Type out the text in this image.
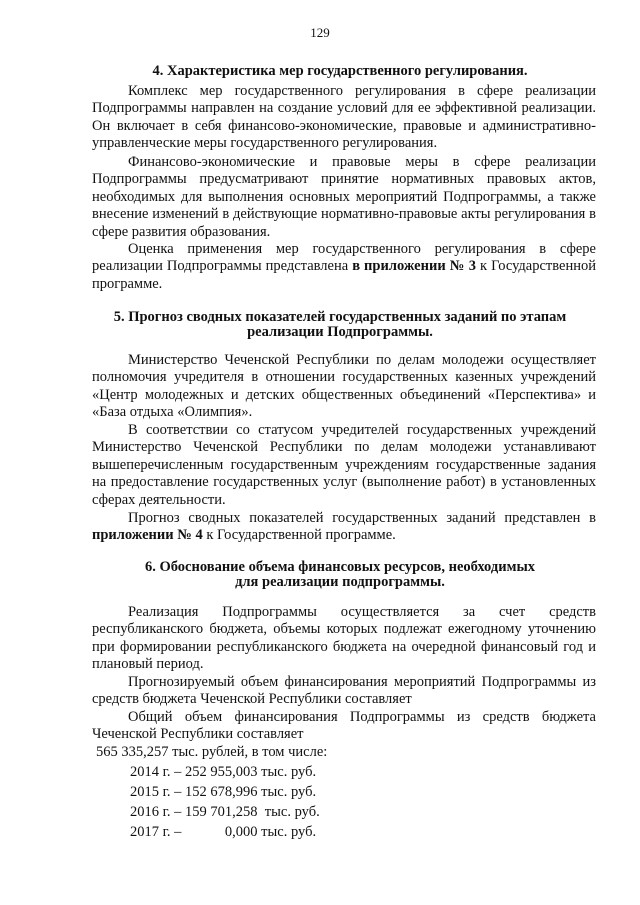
129
4. Характеристика мер государственного регулирования.
Комплекс мер государственного регулирования в сфере реализации Подпрограммы направлен на создание условий для ее эффективной реализации. Он включает в себя финансово-экономические, правовые и административно-управленческие меры государственного регулирования.
Финансово-экономические и правовые меры в сфере реализации Подпрограммы предусматривают принятие нормативных правовых актов, необходимых для выполнения основных мероприятий Подпрограммы, а также внесение изменений в действующие нормативно-правовые акты регулирования в сфере развития образования.
Оценка применения мер государственного регулирования в сфере реализации Подпрограммы представлена в приложении № 3 к Государственной программе.
5. Прогноз сводных показателей государственных заданий по этапам
реализации Подпрограммы.
Министерство Чеченской Республики по делам молодежи осуществляет полномочия учредителя в отношении государственных казенных учреждений «Центр молодежных и детских общественных объединений «Перспектива» и «База отдыха «Олимпия».
В соответствии со статусом учредителей государственных учреждений Министерство Чеченской Республики по делам молодежи устанавливают вышеперечисленным государственным учреждениям государственные задания на предоставление государственных услуг (выполнение работ) в установленных сферах деятельности.
Прогноз сводных показателей государственных заданий представлен в приложении № 4 к Государственной программе.
6. Обоснование объема финансовых ресурсов, необходимых
для реализации подпрограммы.
Реализация Подпрограммы осуществляется за счет средств республиканского бюджета, объемы которых подлежат ежегодному уточнению при формировании республиканского бюджета на очередной финансовый год и плановый период.
Прогнозируемый объем финансирования мероприятий Подпрограммы из средств бюджета Чеченской Республики составляет
Общий объем финансирования Подпрограммы из средств бюджета Чеченской Республики составляет
565 335,257 тыс. рублей, в том числе:
2014 г. – 252 955,003 тыс. руб.
2015 г. – 152 678,996 тыс. руб.
2016 г. – 159 701,258  тыс. руб.
2017 г. –            0,000 тыс. руб.
